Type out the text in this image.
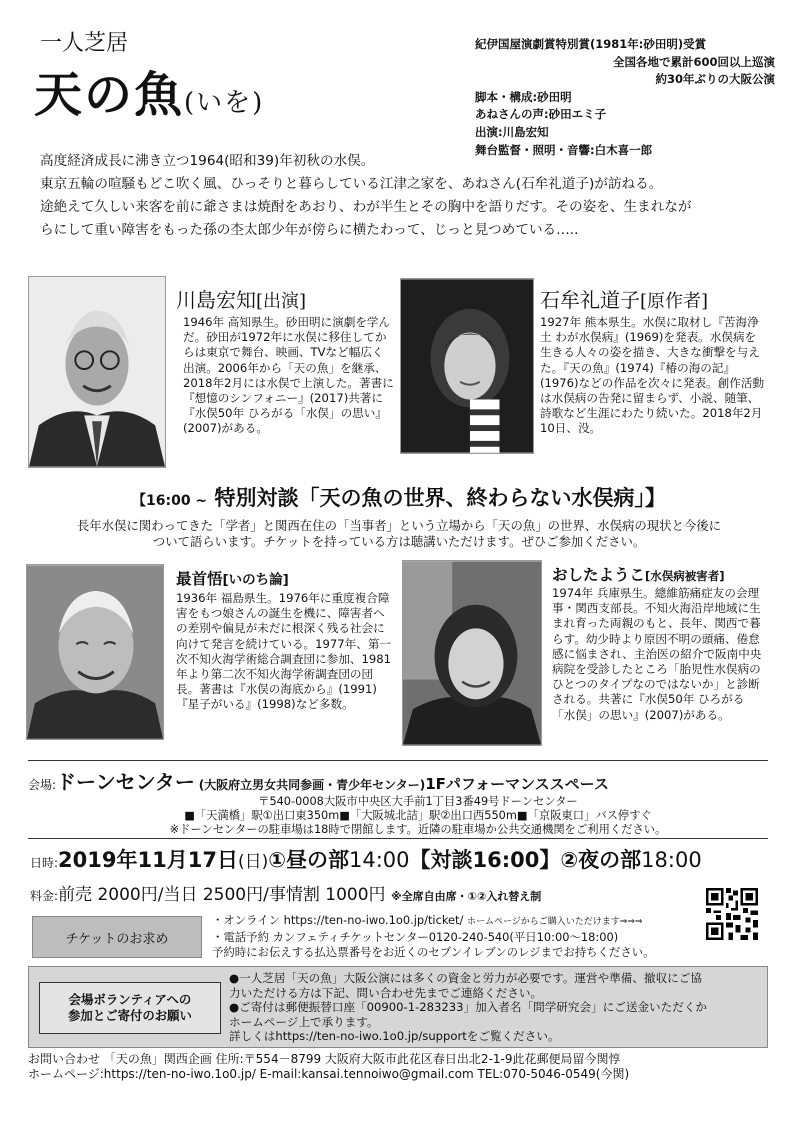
一人芝居
天の魚(いを)
紀伊国屋演劇賞特別賞(1981年:砂田明)受賞
全国各地で累計600回以上巡演
約30年ぶりの大阪公演
脚本・構成:砂田明
あねさんの声:砂田エミ子
出演:川島宏知
舞台監督・照明・音響:白木喜一郎
高度経済成長に沸き立つ1964(昭和39)年初秋の水俣。
東京五輪の喧騒もどこ吹く風、ひっそりと暮らしている江津之家を、あねさん(石牟礼道子)が訪ねる。
途絶えて久しい来客を前に爺さまは焼酎をあおり、わが半生とその胸中を語りだす。その姿を、生まれなが
らにして重い障害をもった孫の杢太郎少年が傍らに横たわって、じっと見つめている…..
川島宏知[出演]
1946年 高知県生。砂田明に演劇を学んだ。砂田が1972年に水俣に移住してからは東京で舞台、映画、TVなど幅広く出演。2006年から「天の魚」を継承、2018年2月には水俣で上演した。著書に『想憶のシンフォニー』(2017)共著に『水俣50年 ひろがる「水俣」の思い』(2007)がある。
石牟礼道子[原作者]
1927年 熊本県生。水俣に取材し『苦海浄土 わが水俣病』(1969)を発表。水俣病を生きる人々の姿を描き、大きな衝撃を与えた。『天の魚』(1974)『椿の海の記』(1976)などの作品を次々に発表。創作活動は水俣病の告発に留まらず、小説、随筆、詩歌など生涯にわたり続いた。2018年2月10日、没。
【16:00 ~ 特別対談「天の魚の世界、終わらない水俣病」】
長年水俣に関わってきた「学者」と関西在住の「当事者」という立場から「天の魚」の世界、水俣病の現状と今後に
ついて語らいます。チケットを持っている方は聴講いただけます。ぜひご参加ください。
最首悟[いのち論]
1936年 福島県生。1976年に重度複合障害をもつ娘さんの誕生を機に、障害者への差別や偏見が未だに根深く残る社会に向けて発言を続けている。1977年、第一次不知火海学術総合調査団に参加、1981年より第二次不知火海学術調査団の団長。著書は『水俣の海底から』(1991)『星子がいる』(1998)など多数。
おしたようこ[水俣病被害者]
1974年 兵庫県生。總維筋痛症友の会理事・関西支部長。不知火海沿岸地域に生まれ育った両親のもと、長年、関西で暮らす。幼少時より原因不明の頭痛、倦怠感に悩まされ、主治医の紹介で阪南中央病院を受診したところ「胎児性水俣病のひとつのタイプなのではないか」と診断される。共著に『水俣50年 ひろがる「水俣」の思い』(2007)がある。
会場:ドーンセンター (大阪府立男女共同参画・青少年センター)1Fパフォーマンススペース
〒540-0008大阪市中央区大手前1丁目3番49号ドーンセンター
■「天満橋」駅①出口東350m■「大阪城北詰」駅②出口西550m■「京阪東口」バス停すぐ
※ドーンセンターの駐車場は18時で閉館します。近隣の駐車場か公共交通機関をご利用ください。
日時:2019年11月17日(日)①昼の部14:00【対談16:00】②夜の部18:00
料金:前売 2000円/当日 2500円/事情割 1000円 ※全席自由席・①②入れ替え制
チケットのお求め
・オンライン https://ten-no-iwo.1o0.jp/ticket/ ホームページからご購入いただけます⇒⇒⇒
・電話予約 カンフェティチケットセンター0120-240-540(平日10:00～18:00)
予約時にお伝えする払込票番号をお近くのセブンイレブンのレジまでお持ちください。
会場ボランティアへの
参加とご寄付のお願い
●一人芝居「天の魚」大阪公演には多くの資金と労力が必要です。運営や準備、撤収にご協
力いただける方は下記、問い合わせ先までご連絡ください。
●ご寄付は郵便振替口座「00900-1-283233」加入者名「問学研究会」にご送金いただくか
ホームページ上で承ります。
詳しくはhttps://ten-no-iwo.1o0.jp/supportをご覧ください。
お問い合わせ 「天の魚」関西企画 住所:〒554－8799 大阪府大阪市此花区春日出北2-1-9此花郵便局留今関惇
ホームページ:https://ten-no-iwo.1o0.jp/ E-mail:kansai.tennoiwo@gmail.com TEL:070-5046-0549(今関)
